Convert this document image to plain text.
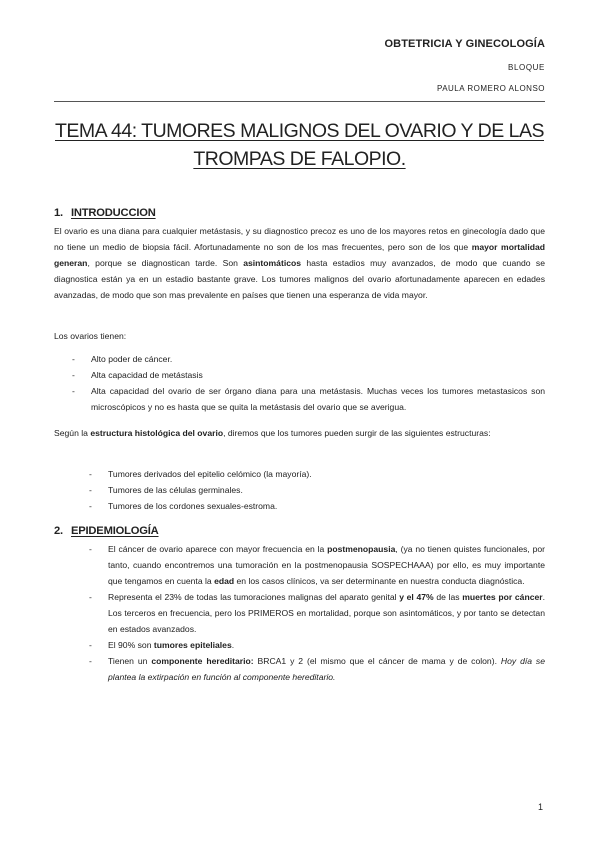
OBTETRICIA Y GINECOLOGÍA
BLOQUE
PAULA ROMERO ALONSO
TEMA 44: TUMORES MALIGNOS DEL OVARIO Y DE LAS
TROMPAS DE FALOPIO.
1. INTRODUCCION
El ovario es una diana para cualquier metástasis, y su diagnostico precoz es uno de los mayores retos en ginecología dado que no tiene un medio de biopsia fácil. Afortunadamente no son de los mas frecuentes, pero son de los que mayor mortalidad generan, porque se diagnostican tarde. Son asintomáticos hasta estadios muy avanzados, de modo que cuando se diagnostica están ya en un estadio bastante grave. Los tumores malignos del ovario afortunadamente aparecen en edades avanzadas, de modo que son mas prevalente en países que tienen una esperanza de vida mayor.
Los ovarios tienen:
- Alto poder de cáncer.
- Alta capacidad de metástasis
- Alta capacidad del ovario de ser órgano diana para una metástasis. Muchas veces los tumores metastasicos son microscópicos y no es hasta que se quita la metástasis del ovario que se averigua.
Según la estructura histológica del ovario, diremos que los tumores pueden surgir de las siguientes estructuras:
- Tumores derivados del epitelio celómico (la mayoría).
- Tumores de las células germinales.
- Tumores de los cordones sexuales-estroma.
2. EPIDEMIOLOGÍA
- El cáncer de ovario aparece con mayor frecuencia en la postmenopausia, (ya no tienen quistes funcionales, por tanto, cuando encontremos una tumoración en la postmenopausia SOSPECHAAA) por ello, es muy importante que tengamos en cuenta la edad en los casos clínicos, va ser determinante en nuestra conducta diagnóstica.
- Representa el 23% de todas las tumoraciones malignas del aparato genital y el 47% de las muertes por cáncer. Los terceros en frecuencia, pero los PRIMEROS en mortalidad, porque son asintomáticos, y por tanto se detectan en estados avanzados.
- El 90% son tumores epiteliales.
- Tienen un componente hereditario: BRCA1 y 2 (el mismo que el cáncer de mama y de colon). Hoy día se plantea la extirpación en función al componente hereditario.
1
